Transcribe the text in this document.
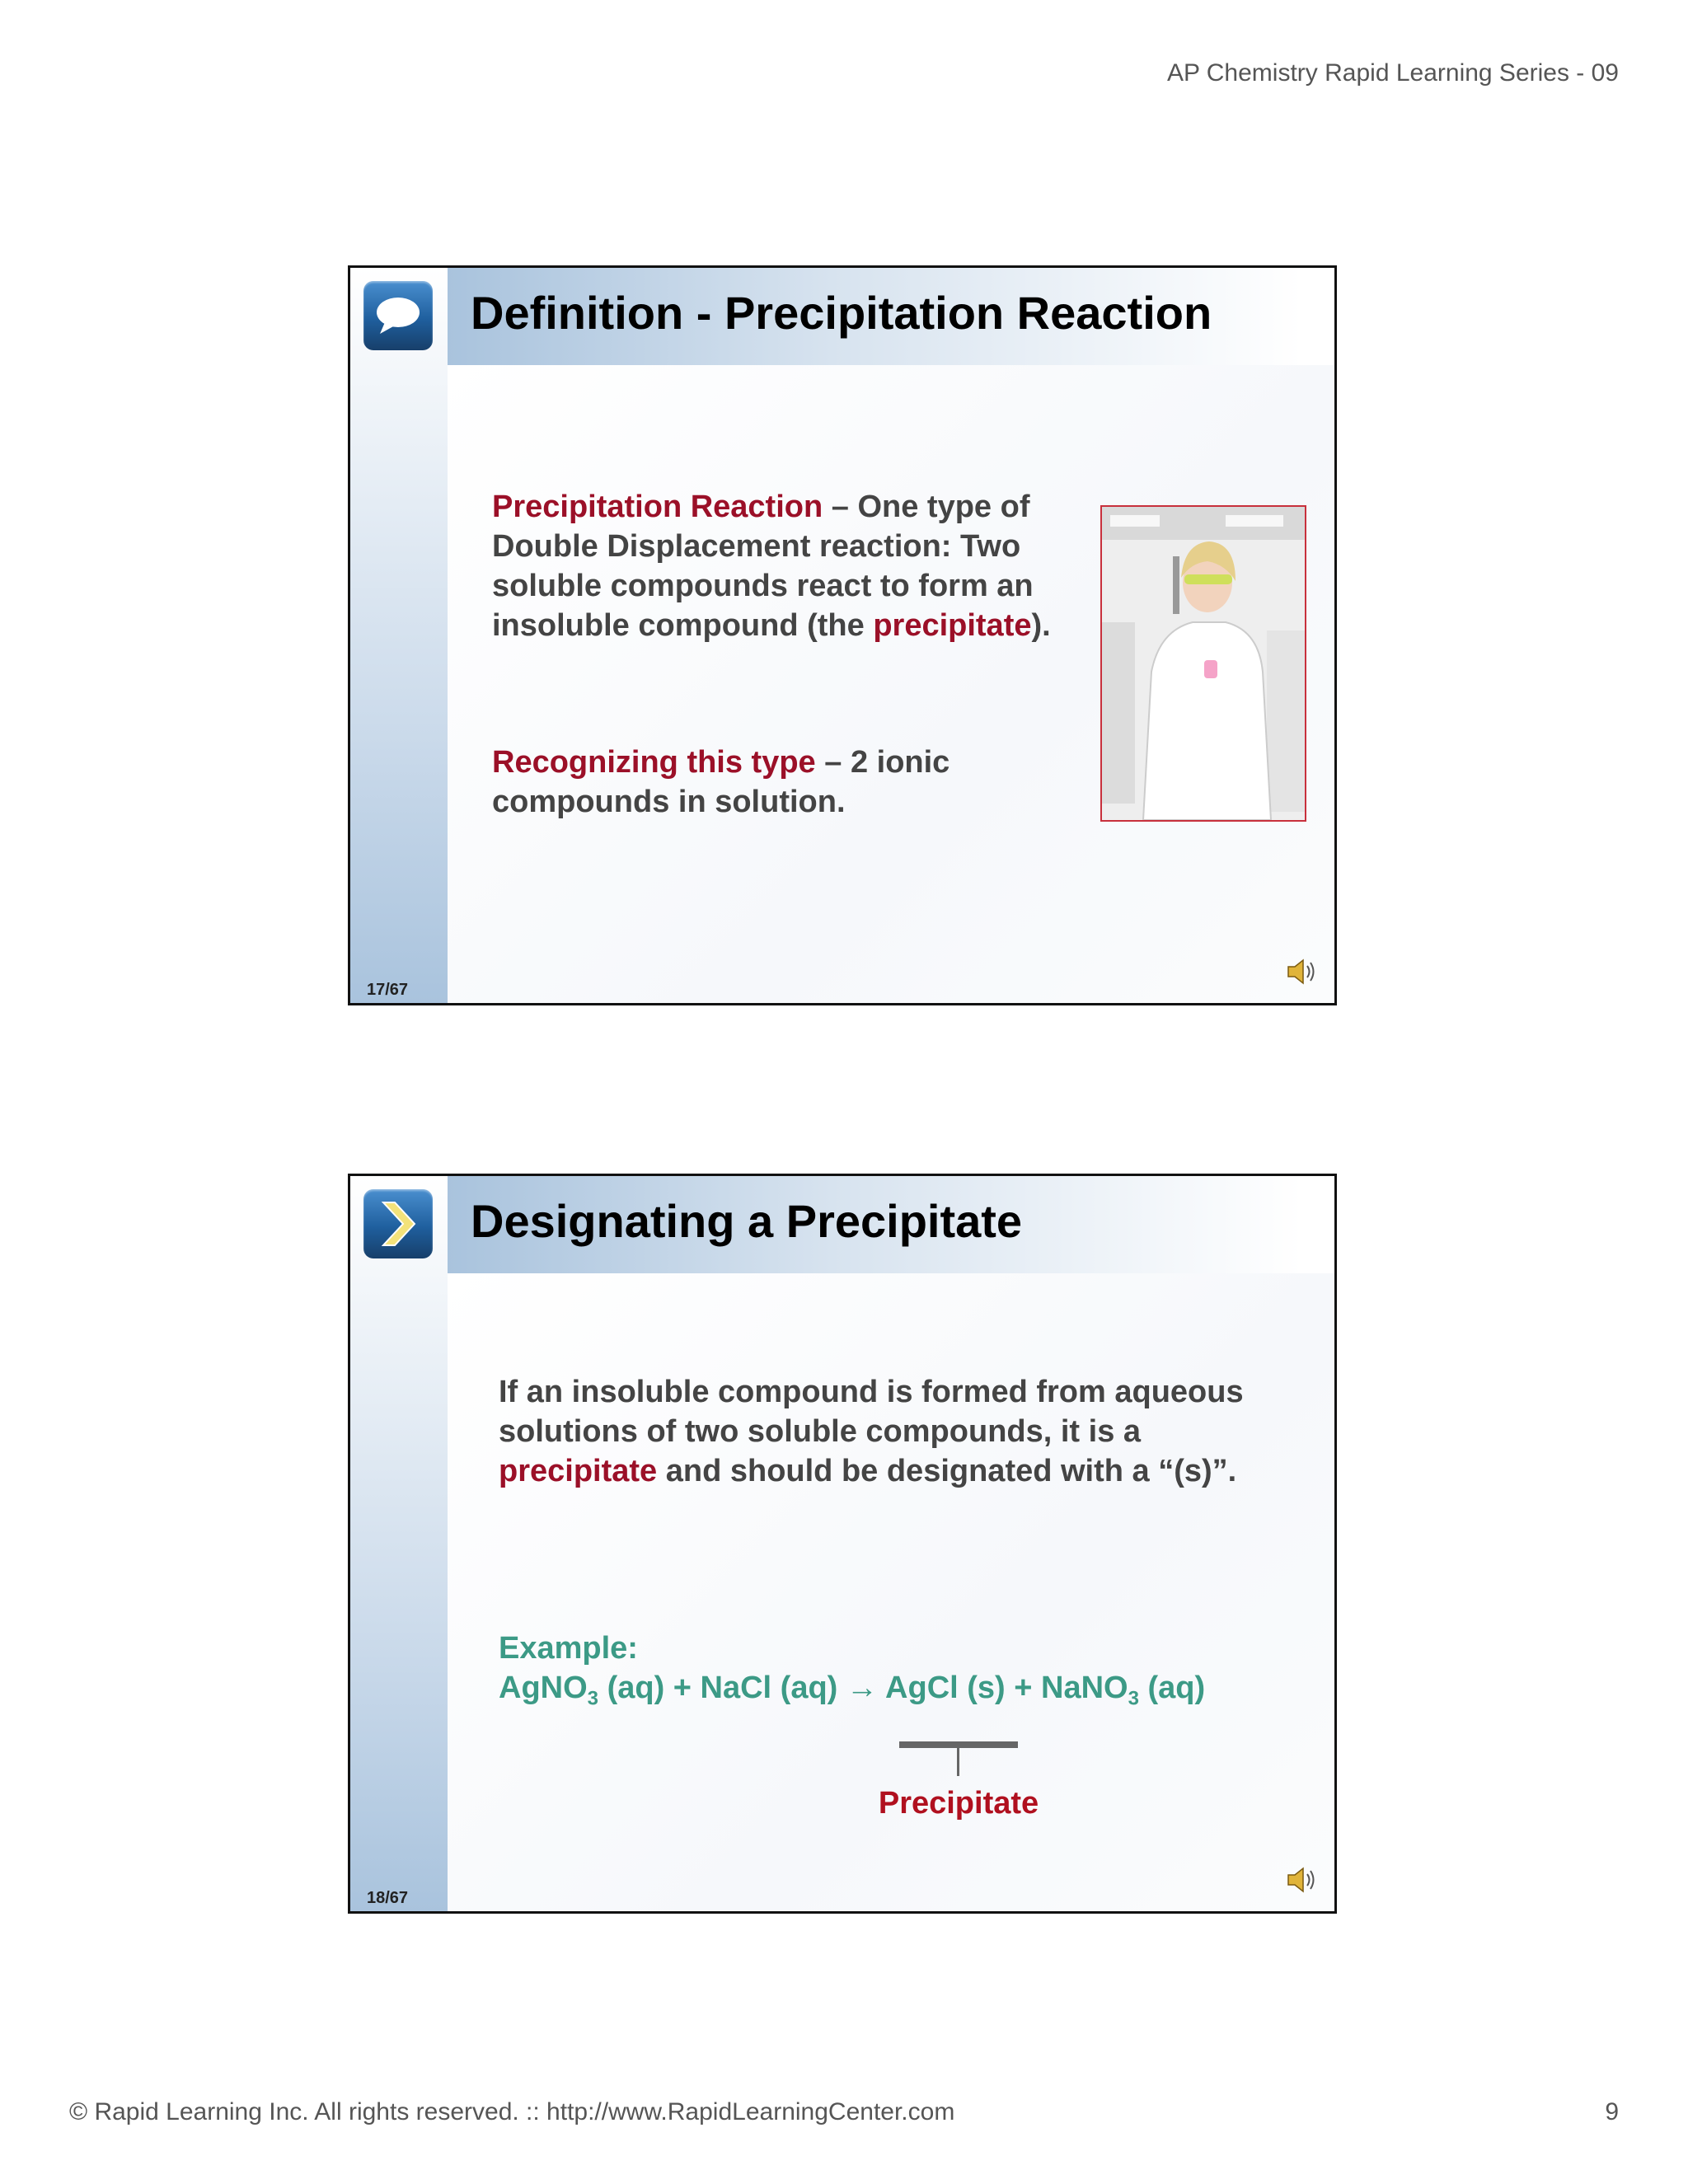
AP Chemistry Rapid Learning Series - 09
Definition - Precipitation Reaction
Precipitation Reaction – One type of Double Displacement reaction: Two soluble compounds react to form an insoluble compound (the precipitate).
Recognizing this type – 2 ionic compounds in solution.
17/67
Designating a Precipitate
If an insoluble compound is formed from aqueous solutions of two soluble compounds, it is a precipitate and should be designated with a “(s)”.
Example:
AgNO$_3$ (aq) + NaCl (aq) → AgCl (s) + NaNO$_3$ (aq)
Precipitate
18/67
© Rapid Learning Inc. All rights reserved. :: http://www.RapidLearningCenter.com	9
